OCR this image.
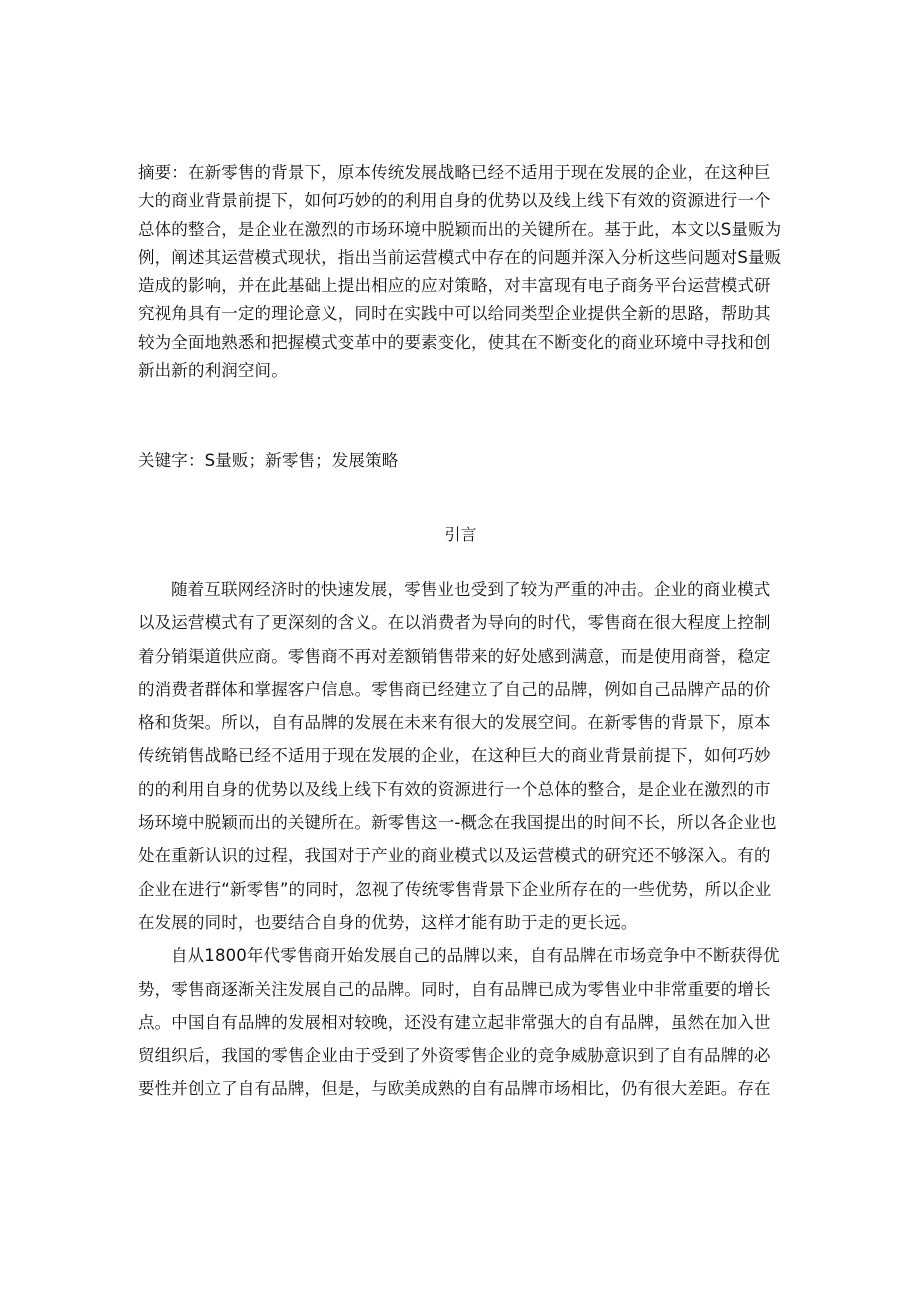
摘要：在新零售的背景下，原本传统发展战略已经不适用于现在发展的企业，在这种巨大的商业背景前提下，如何巧妙的的利用自身的优势以及线上线下有效的资源进行一个总体的整合，是企业在激烈的市场环境中脱颖而出的关键所在。基于此，本文以S量贩为例，阐述其运营模式现状，指出当前运营模式中存在的问题并深入分析这些问题对S量贩造成的影响，并在此基础上提出相应的应对策略，对丰富现有电子商务平台运营模式研究视角具有一定的理论意义，同时在实践中可以给同类型企业提供全新的思路，帮助其较为全面地熟悉和把握模式变革中的要素变化，使其在不断变化的商业环境中寻找和创新出新的利润空间。
关键字：S量贩；新零售；发展策略
引言

随着互联网经济时的快速发展，零售业也受到了较为严重的冲击。企业的商业模式以及运营模式有了更深刻的含义。在以消费者为导向的时代，零售商在很大程度上控制着分销渠道供应商。零售商不再对差额销售带来的好处感到满意，而是使用商誉，稳定的消费者群体和掌握客户信息。零售商已经建立了自己的品牌，例如自己品牌产品的价格和货架。所以，自有品牌的发展在未来有很大的发展空间。在新零售的背景下，原本传统销售战略已经不适用于现在发展的企业，在这种巨大的商业背景前提下，如何巧妙的的利用自身的优势以及线上线下有效的资源进行一个总体的整合，是企业在激烈的市场环境中脱颖而出的关键所在。新零售这一-概念在我国提出的时间不长，所以各企业也处在重新认识的过程，我国对于产业的商业模式以及运营模式的研究还不够深入。有的企业在进行“新零售”的同时，忽视了传统零售背景下企业所存在的一些优势，所以企业在发展的同时，也要结合自身的优势，这样才能有助于走的更长远。

自从1800年代零售商开始发展自己的品牌以来，自有品牌在市场竞争中不断获得优势，零售商逐渐关注发展自己的品牌。同时，自有品牌已成为零售业中非常重要的增长点。中国自有品牌的发展相对较晚，还没有建立起非常强大的自有品牌，虽然在加入世贸组织后，我国的零售企业由于受到了外资零售企业的竞争威胁意识到了自有品牌的必要性并创立了自有品牌，但是，与欧美成熟的自有品牌市场相比，仍有很大差距。存在
